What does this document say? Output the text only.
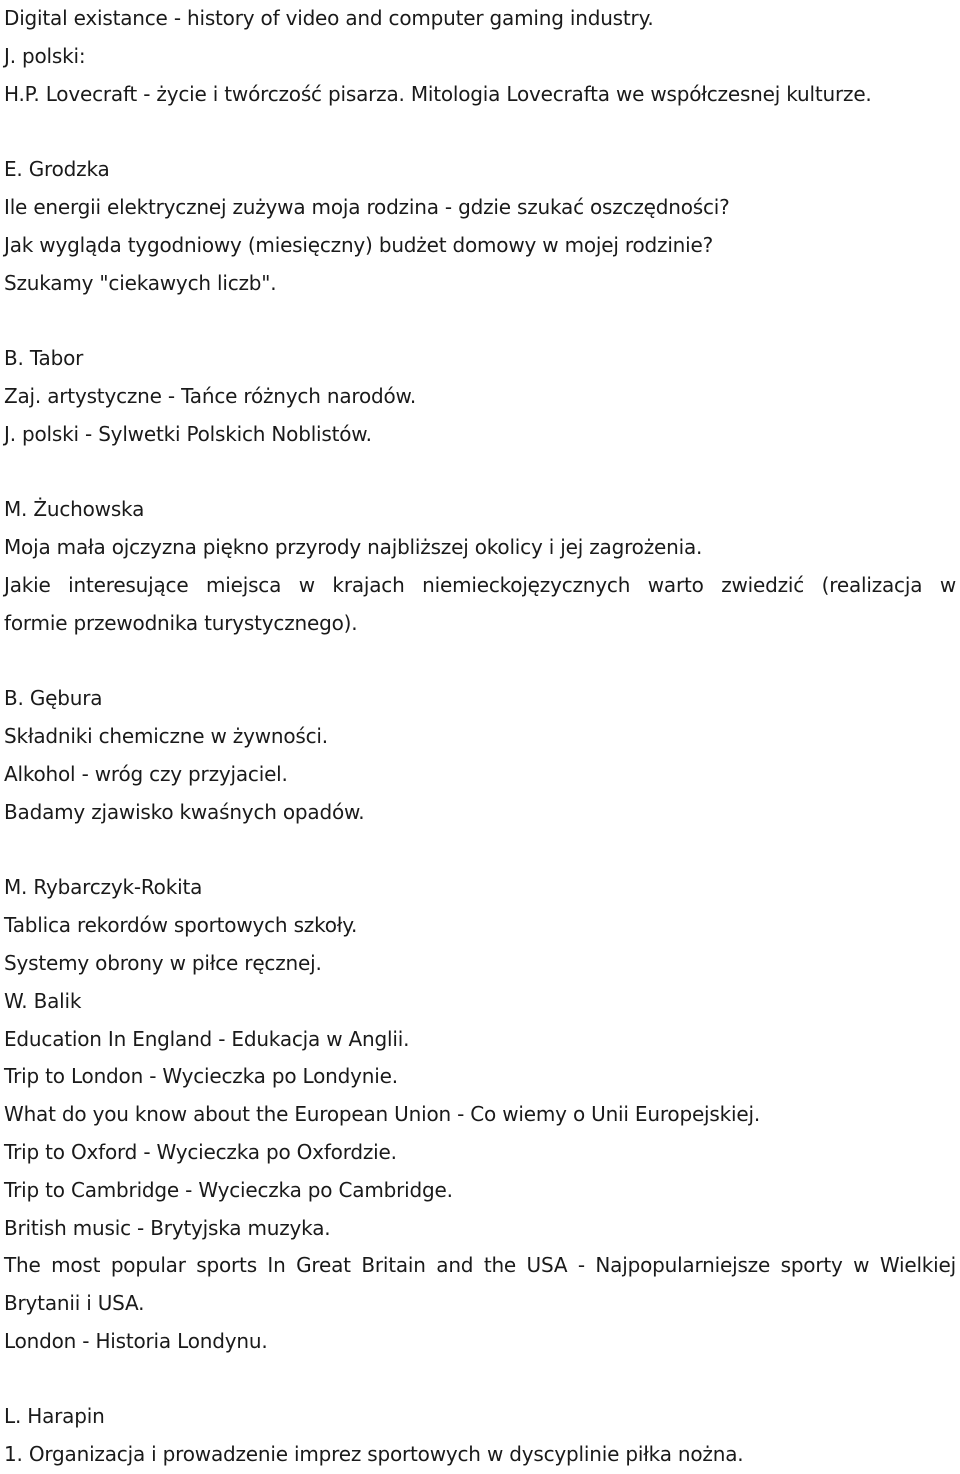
Digital existance - history of video and computer gaming industry.
J. polski:
H.P. Lovecraft - życie i twórczość pisarza. Mitologia Lovecrafta we współczesnej kulturze.
E. Grodzka
Ile energii elektrycznej zużywa moja rodzina - gdzie szukać oszczędności?
Jak wygląda tygodniowy (miesięczny) budżet domowy w mojej rodzinie?
Szukamy "ciekawych liczb".
B. Tabor
Zaj. artystyczne - Tańce różnych narodów.
J. polski - Sylwetki Polskich Noblistów.
M. Żuchowska
Moja mała ojczyzna piękno przyrody najbliższej okolicy i jej zagrożenia.
Jakie interesujące miejsca w krajach niemieckojęzycznych warto zwiedzić (realizacja w
formie przewodnika turystycznego).
B. Gębura
Składniki chemiczne w żywności.
Alkohol - wróg czy przyjaciel.
Badamy zjawisko kwaśnych opadów.
M. Rybarczyk-Rokita
Tablica rekordów sportowych szkoły.
Systemy obrony w piłce ręcznej.
W. Balik
Education In England - Edukacja w Anglii.
Trip to London - Wycieczka po Londynie.
What do you know about the European Union - Co wiemy o Unii Europejskiej.
Trip to Oxford - Wycieczka po Oxfordzie.
Trip to Cambridge - Wycieczka po Cambridge.
British music - Brytyjska muzyka.
The most popular sports In Great Britain and the USA - Najpopularniejsze sporty w Wielkiej
Brytanii i USA.
London - Historia Londynu.
L. Harapin
1. Organizacja i prowadzenie imprez sportowych w dyscyplinie piłka nożna.
